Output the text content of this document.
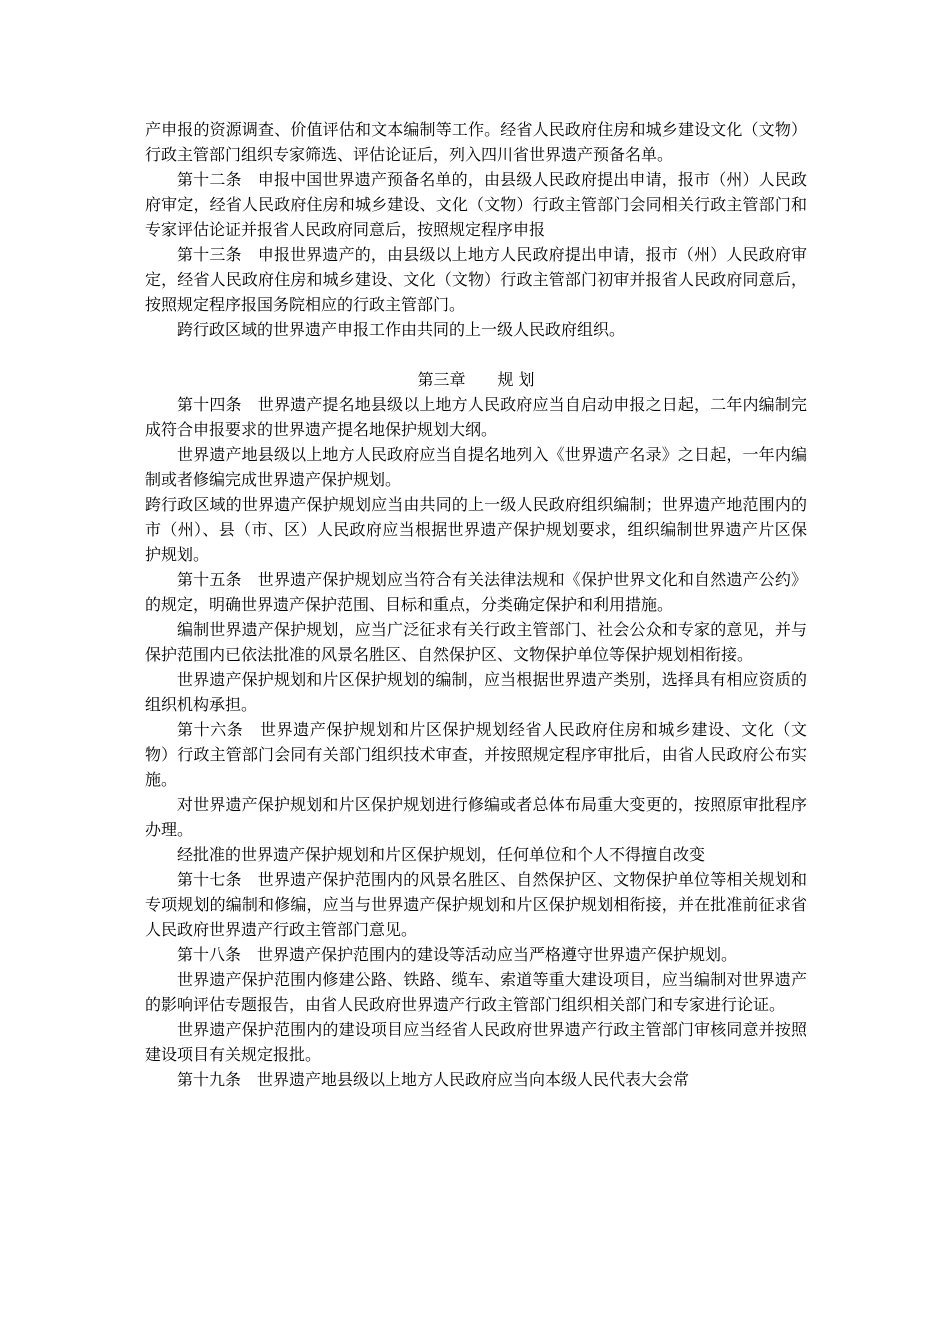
产申报的资源调查、价值评估和文本编制等工作。经省人民政府住房和城乡建设文化（文物）行政主管部门组织专家筛选、评估论证后，列入四川省世界遗产预备名单。

第十二条　申报中国世界遗产预备名单的，由县级人民政府提出申请，报市（州）人民政府审定，经省人民政府住房和城乡建设、文化（文物）行政主管部门会同相关行政主管部门和专家评估论证并报省人民政府同意后，按照规定程序申报

第十三条　申报世界遗产的，由县级以上地方人民政府提出申请，报市（州）人民政府审定，经省人民政府住房和城乡建设、文化（文物）行政主管部门初审并报省人民政府同意后，按照规定程序报国务院相应的行政主管部门。

跨行政区域的世界遗产申报工作由共同的上一级人民政府组织。

第三章　　规 划

第十四条　世界遗产提名地县级以上地方人民政府应当自启动申报之日起，二年内编制完成符合申报要求的世界遗产提名地保护规划大纲。

世界遗产地县级以上地方人民政府应当自提名地列入《世界遗产名录》之日起，一年内编制或者修编完成世界遗产保护规划。

跨行政区域的世界遗产保护规划应当由共同的上一级人民政府组织编制；世界遗产地范围内的市（州）、县（市、区）人民政府应当根据世界遗产保护规划要求，组织编制世界遗产片区保护规划。

第十五条　世界遗产保护规划应当符合有关法律法规和《保护世界文化和自然遗产公约》的规定，明确世界遗产保护范围、目标和重点，分类确定保护和利用措施。

编制世界遗产保护规划，应当广泛征求有关行政主管部门、社会公众和专家的意见，并与保护范围内已依法批准的风景名胜区、自然保护区、文物保护单位等保护规划相衔接。

世界遗产保护规划和片区保护规划的编制，应当根据世界遗产类别，选择具有相应资质的组织机构承担。

第十六条　世界遗产保护规划和片区保护规划经省人民政府住房和城乡建设、文化（文物）行政主管部门会同有关部门组织技术审查，并按照规定程序审批后，由省人民政府公布实施。

对世界遗产保护规划和片区保护规划进行修编或者总体布局重大变更的，按照原审批程序办理。

经批准的世界遗产保护规划和片区保护规划，任何单位和个人不得擅自改变

第十七条　世界遗产保护范围内的风景名胜区、自然保护区、文物保护单位等相关规划和专项规划的编制和修编，应当与世界遗产保护规划和片区保护规划相衔接，并在批准前征求省人民政府世界遗产行政主管部门意见。

第十八条　世界遗产保护范围内的建设等活动应当严格遵守世界遗产保护规划。

世界遗产保护范围内修建公路、铁路、缆车、索道等重大建设项目，应当编制对世界遗产的影响评估专题报告，由省人民政府世界遗产行政主管部门组织相关部门和专家进行论证。

世界遗产保护范围内的建设项目应当经省人民政府世界遗产行政主管部门审核同意并按照建设项目有关规定报批。

第十九条　世界遗产地县级以上地方人民政府应当向本级人民代表大会常
